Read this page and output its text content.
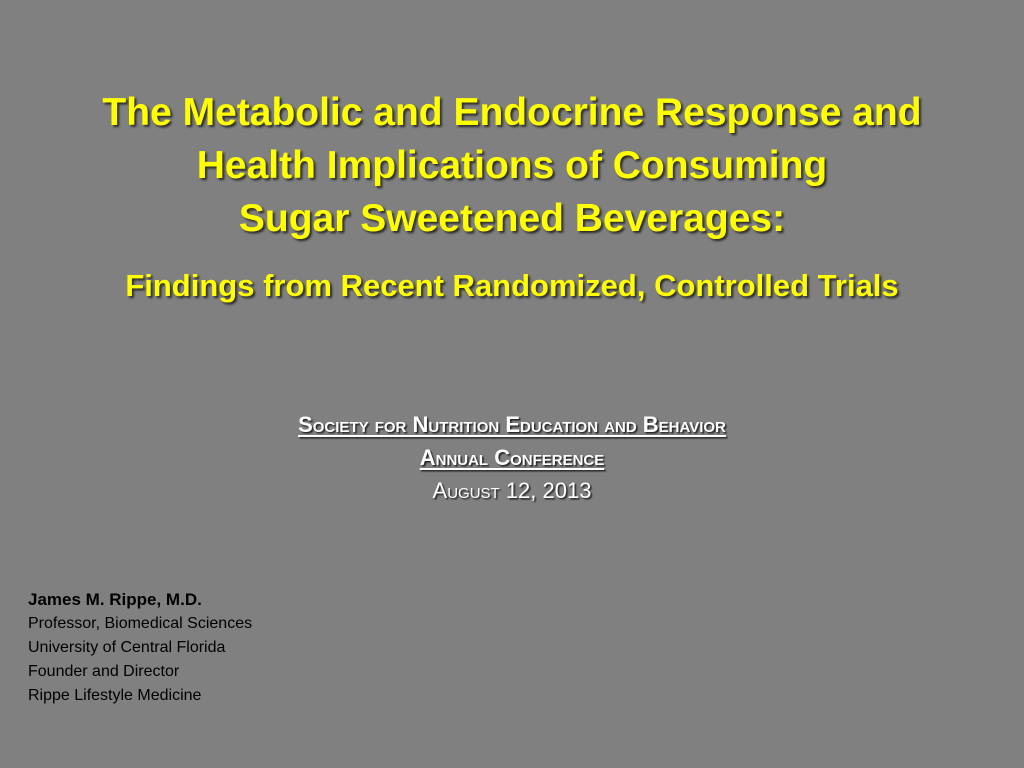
The Metabolic and Endocrine Response and
Health Implications of Consuming
Sugar Sweetened Beverages:
Findings from Recent Randomized, Controlled Trials
Society for Nutrition Education and Behavior
Annual Conference
August 12, 2013
James M. Rippe, M.D.
Professor, Biomedical Sciences
University of Central Florida
Founder and Director
Rippe Lifestyle Medicine
